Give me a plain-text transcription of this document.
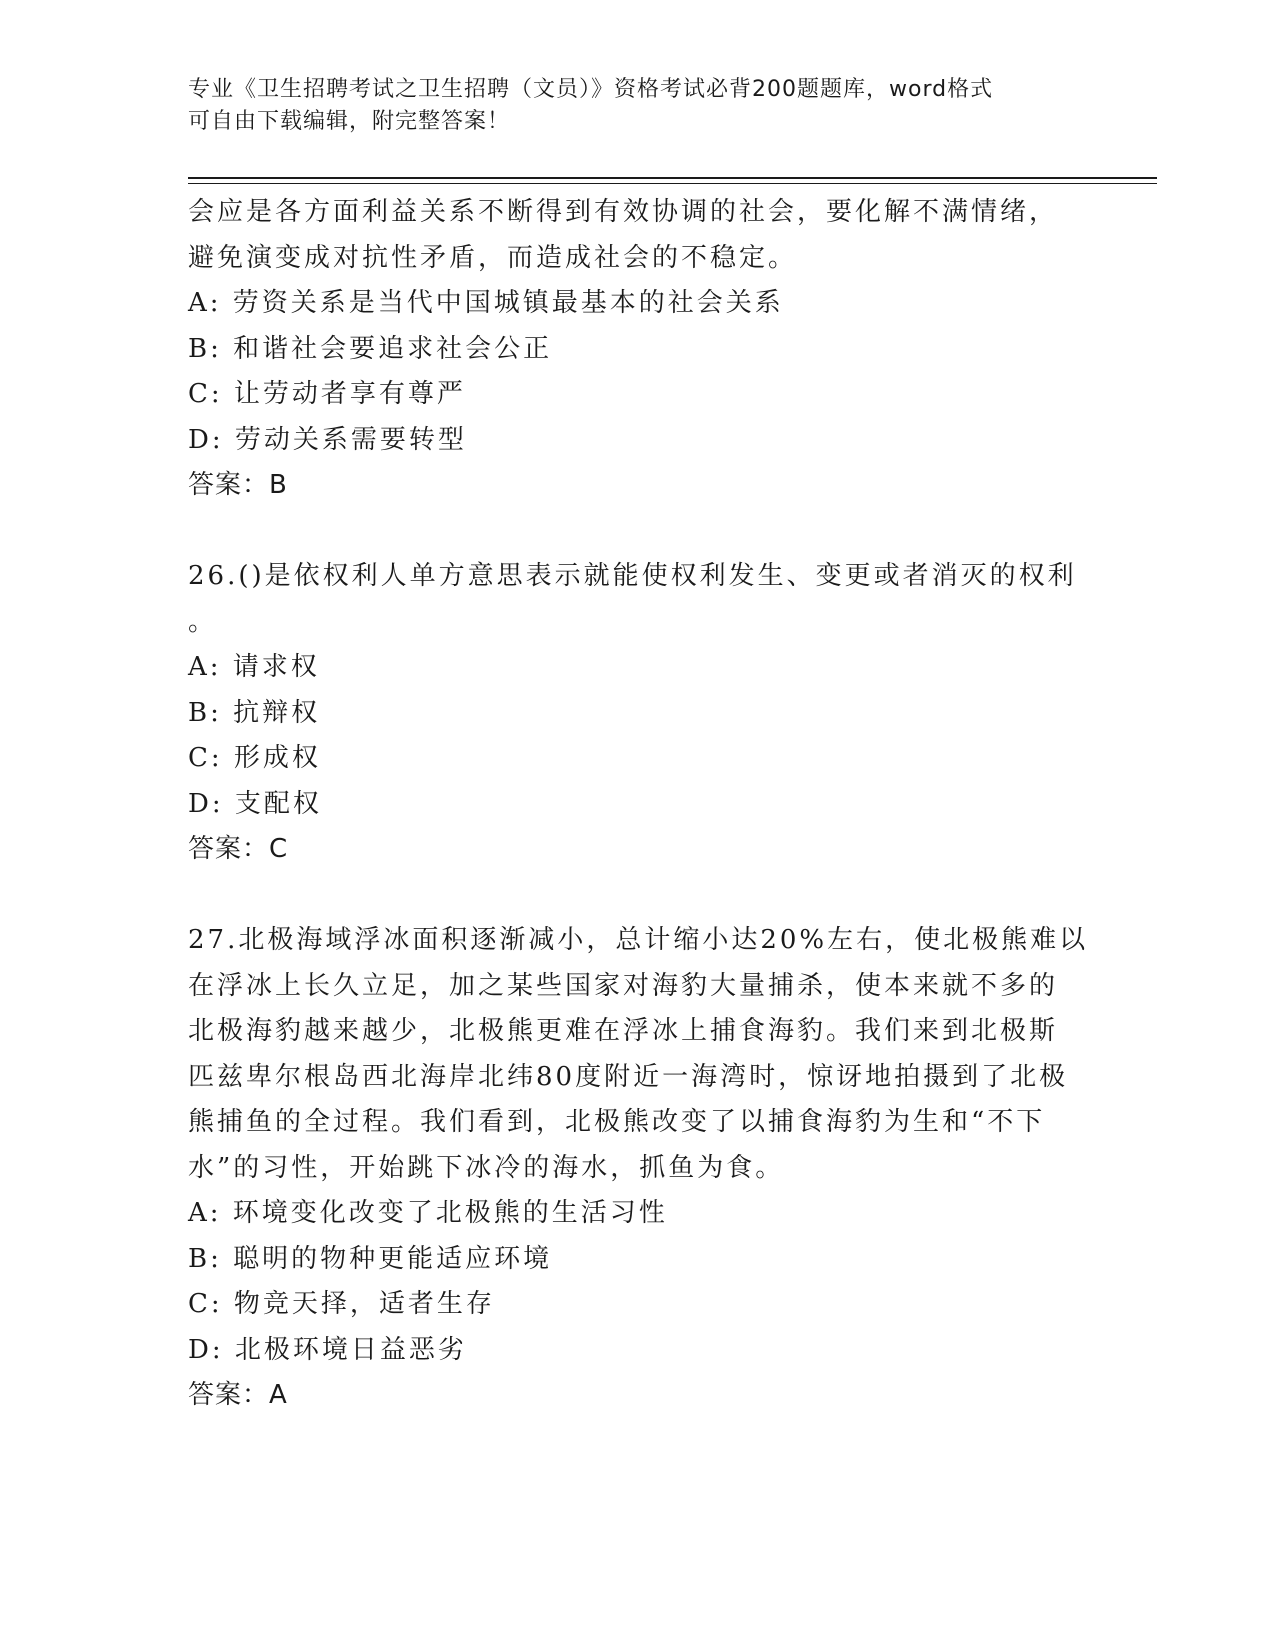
专业《卫生招聘考试之卫生招聘（文员）》资格考试必背200题题库，word格式
可自由下载编辑，附完整答案！
会应是各方面利益关系不断得到有效协调的社会，要化解不满情绪，
避免演变成对抗性矛盾，而造成社会的不稳定。
A: 劳资关系是当代中国城镇最基本的社会关系
B: 和谐社会要追求社会公正
C: 让劳动者享有尊严
D: 劳动关系需要转型
答案：B
26.()是依权利人单方意思表示就能使权利发生、变更或者消灭的权利
。
A: 请求权
B: 抗辩权
C: 形成权
D: 支配权
答案：C
27.北极海域浮冰面积逐渐减小，总计缩小达20%左右，使北极熊难以
在浮冰上长久立足，加之某些国家对海豹大量捕杀，使本来就不多的
北极海豹越来越少，北极熊更难在浮冰上捕食海豹。我们来到北极斯
匹兹卑尔根岛西北海岸北纬80度附近一海湾时，惊讶地拍摄到了北极
熊捕鱼的全过程。我们看到，北极熊改变了以捕食海豹为生和“不下
水”的习性，开始跳下冰冷的海水，抓鱼为食。
A: 环境变化改变了北极熊的生活习性
B: 聪明的物种更能适应环境
C: 物竞天择，适者生存
D: 北极环境日益恶劣
答案：A
